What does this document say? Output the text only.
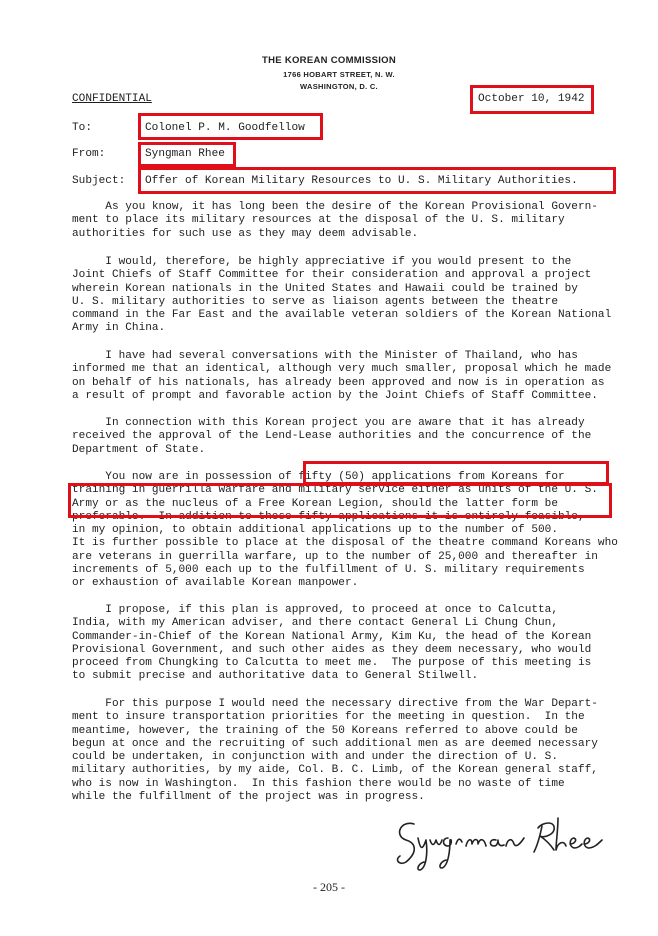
THE KOREAN COMMISSION
1766 HOBART STREET, N. W.
WASHINGTON, D. C.
CONFIDENTIAL	October 10, 1942
To:	Colonel P. M. Goodfellow
From:	Syngman Rhee
Subject: Offer of Korean Military Resources to U. S. Military Authorities.
As you know, it has long been the desire of the Korean Provisional Govern-
ment to place its military resources at the disposal of the U. S. military
authorities for such use as they may deem advisable.
I would, therefore, be highly appreciative if you would present to the
Joint Chiefs of Staff Committee for their consideration and approval a project
wherein Korean nationals in the United States and Hawaii could be trained by
U. S. military authorities to serve as liaison agents between the theatre
command in the Far East and the available veteran soldiers of the Korean National
Army in China.
I have had several conversations with the Minister of Thailand, who has
informed me that an identical, although very much smaller, proposal which he made
on behalf of his nationals, has already been approved and now is in operation as
a result of prompt and favorable action by the Joint Chiefs of Staff Committee.
In connection with this Korean project you are aware that it has already
received the approval of the Lend-Lease authorities and the concurrence of the
Department of State.
You now are in possession of fifty (50) applications from Koreans for
training in guerrilla warfare and military service either as units of the U. S.
Army or as the nucleus of a Free Korean Legion, should the latter form be
preferable.  In addition to these fifty applications it is entirely feasible,
in my opinion, to obtain additional applications up to the number of 500.
It is further possible to place at the disposal of the theatre command Koreans who
are veterans in guerrilla warfare, up to the number of 25,000 and thereafter in
increments of 5,000 each up to the fulfillment of U. S. military requirements
or exhaustion of available Korean manpower.
I propose, if this plan is approved, to proceed at once to Calcutta,
India, with my American adviser, and there contact General Li Chung Chun,
Commander-in-Chief of the Korean National Army, Kim Ku, the head of the Korean
Provisional Government, and such other aides as they deem necessary, who would
proceed from Chungking to Calcutta to meet me.  The purpose of this meeting is
to submit precise and authoritative data to General Stilwell.
For this purpose I would need the necessary directive from the War Depart-
ment to insure transportation priorities for the meeting in question.  In the
meantime, however, the training of the 50 Koreans referred to above could be
begun at once and the recruiting of such additional men as are deemed necessary
could be undertaken, in conjunction with and under the direction of U. S.
military authorities, by my aide, Col. B. C. Limb, of the Korean general staff,
who is now in Washington.  In this fashion there would be no waste of time
while the fulfillment of the project was in progress.
- 205 -
